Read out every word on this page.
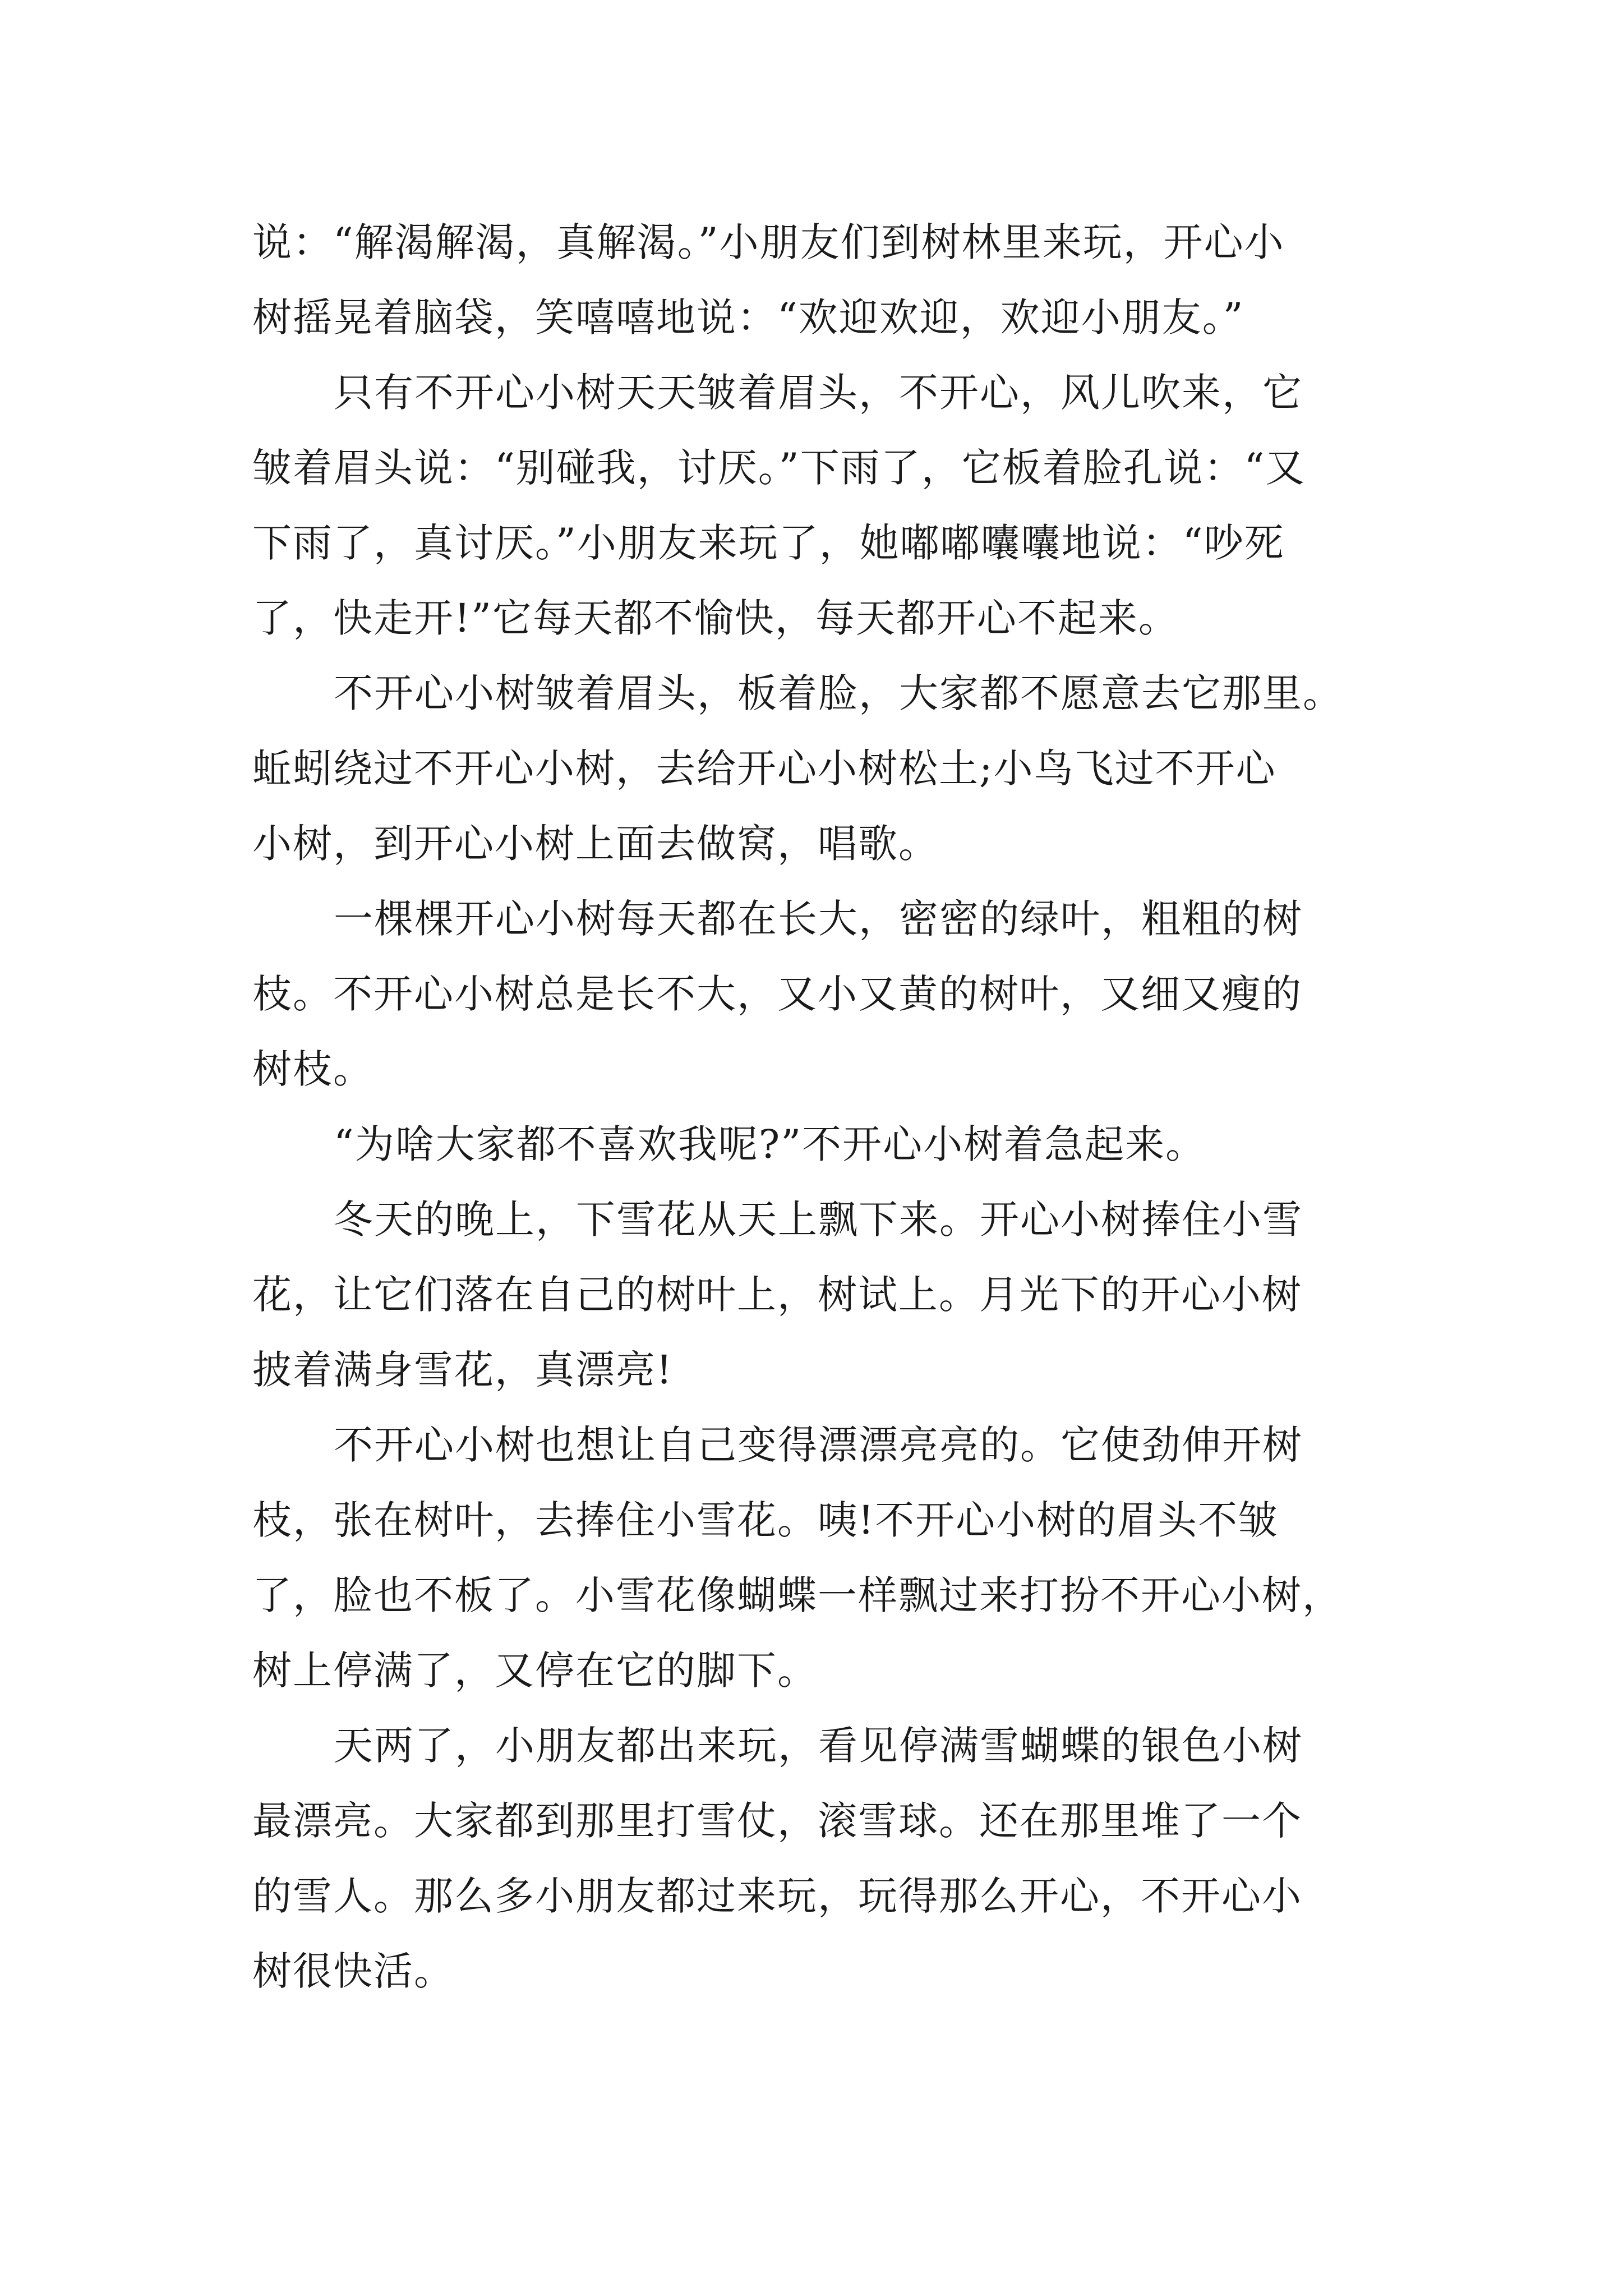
说：“解渴解渴，真解渴。”小朋友们到树林里来玩，开心小
树摇晃着脑袋，笑嘻嘻地说：“欢迎欢迎，欢迎小朋友。”
只有不开心小树天天皱着眉头，不开心，风儿吹来，它
皱着眉头说：“别碰我，讨厌。”下雨了，它板着脸孔说：“又
下雨了，真讨厌。”小朋友来玩了，她嘟嘟囔囔地说：“吵死
了，快走开!”它每天都不愉快，每天都开心不起来。
不开心小树皱着眉头，板着脸，大家都不愿意去它那里。
蚯蚓绕过不开心小树，去给开心小树松土;小鸟飞过不开心
小树，到开心小树上面去做窝，唱歌。
一棵棵开心小树每天都在长大，密密的绿叶，粗粗的树
枝。不开心小树总是长不大，又小又黄的树叶，又细又瘦的
树枝。
“为啥大家都不喜欢我呢?”不开心小树着急起来。
冬天的晚上，下雪花从天上飘下来。开心小树捧住小雪
花，让它们落在自己的树叶上，树试上。月光下的开心小树
披着满身雪花，真漂亮!
不开心小树也想让自己变得漂漂亮亮的。它使劲伸开树
枝，张在树叶，去捧住小雪花。咦!不开心小树的眉头不皱
了，脸也不板了。小雪花像蝴蝶一样飘过来打扮不开心小树，
树上停满了，又停在它的脚下。
天两了，小朋友都出来玩，看见停满雪蝴蝶的银色小树
最漂亮。大家都到那里打雪仗，滚雪球。还在那里堆了一个
的雪人。那么多小朋友都过来玩，玩得那么开心，不开心小
树很快活。
